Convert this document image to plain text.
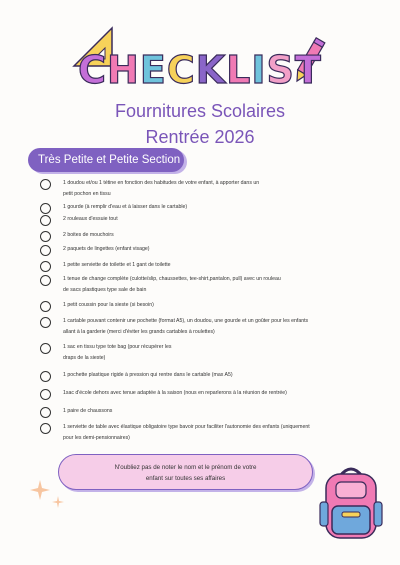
CHECKLIST
Fournitures Scolaires
Rentrée 2026
Très Petite et Petite Section
1 doudou et/ou 1 tétine en fonction des habitudes de votre enfant, à apporter dans un
petit pochon en tissu
1 gourde (à remplir d'eau et à laisser dans le cartable)
2 rouleaux d'essuie tout
2 boites de mouchoirs
2 paquets de lingettes (enfant visage)
1 petite serviette de toilette et 1 gant de toilette
1 tenue de change complète (culotte/slip, chaussettes, tee-shirt,pantalon, pull) avec un rouleau
de sacs plastiques type sale de bain
1 petit coussin pour la sieste (si besoin)
1 cartable pouvant contenir une pochette (format A5), un doudou, une gourde et un goûter pour les enfants
allant à la garderie (merci d'éviter les grands cartables à roulettes)
1 sac en tissu type tote bag (pour récupérer les
draps de la sieste)
1 pochette plastique rigide à pression qui rentre dans le cartable (max A5)
1sac d'école dehors avec tenue adaptée à la saison (nous en reparlerons à la réunion de rentrée)
1 paire de chaussons
1 serviette de table avec élastique obligatoire type bavoir pour faciliter l'autonomie des enfants (uniquement
pour les demi-pensionnaires)
N'oubliez pas de noter le nom et le prénom de votre
enfant sur toutes ses affaires
